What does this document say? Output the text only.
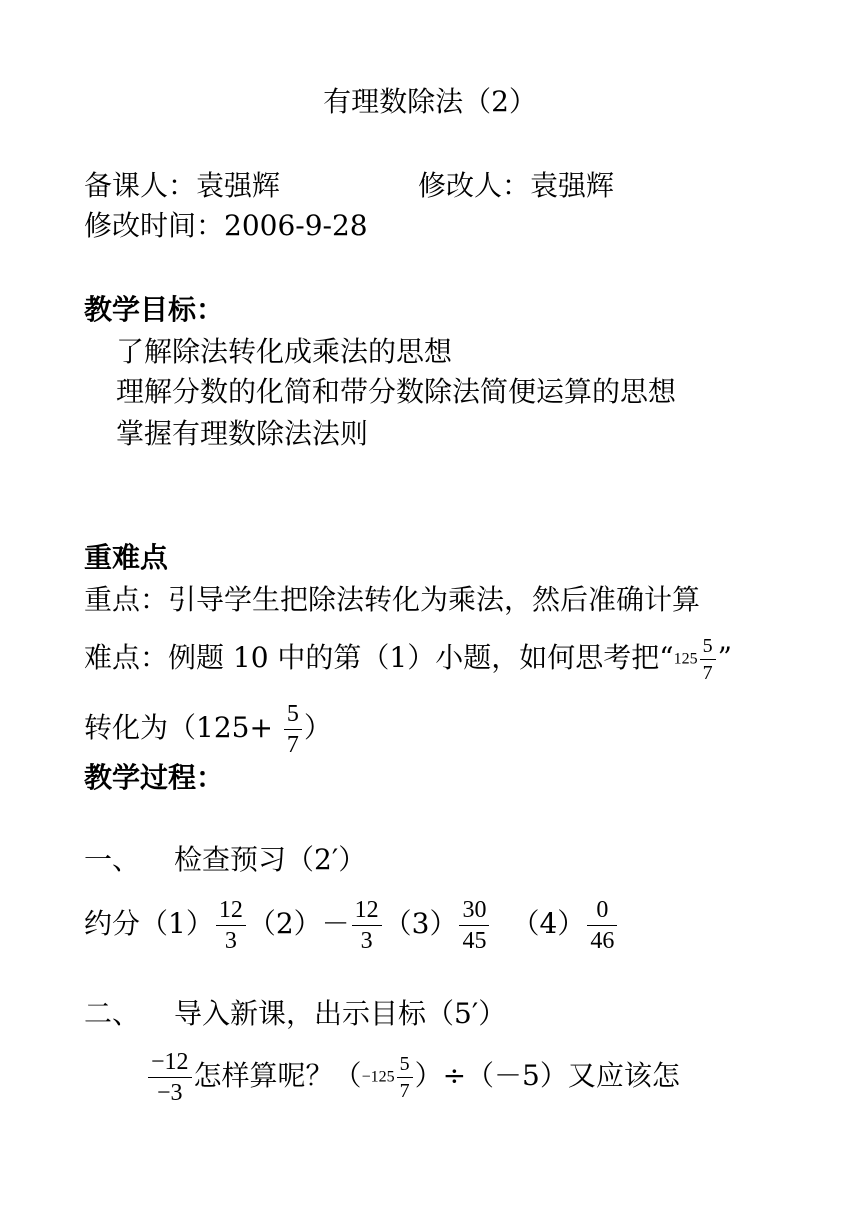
有理数除法（2）
备课人：袁强辉	修改人：袁强辉
修改时间：2006-9-28
教学目标：
了解除法转化成乘法的思想
理解分数的化简和带分数除法简便运算的思想
掌握有理数除法法则
重难点
重点：引导学生把除法转化为乘法，然后准确计算
难点：例题 10 中的第（1）小题，如何思考把“$125 \frac{5}{7}$ ”
转化为（$125+ \frac{5}{7}$ ）
教学过程：
一、 检查预习（2′）
约分$(1) \frac{12}{3} (2)- \frac{12}{3} (3) \frac{30}{45} (4) \frac{0}{46}$
二、 导入新课，出示目标（5′）
$\frac{-12}{-3}$ 怎样算呢？$(-125 \frac{5}{7} )\div(-5)$又应该怎
